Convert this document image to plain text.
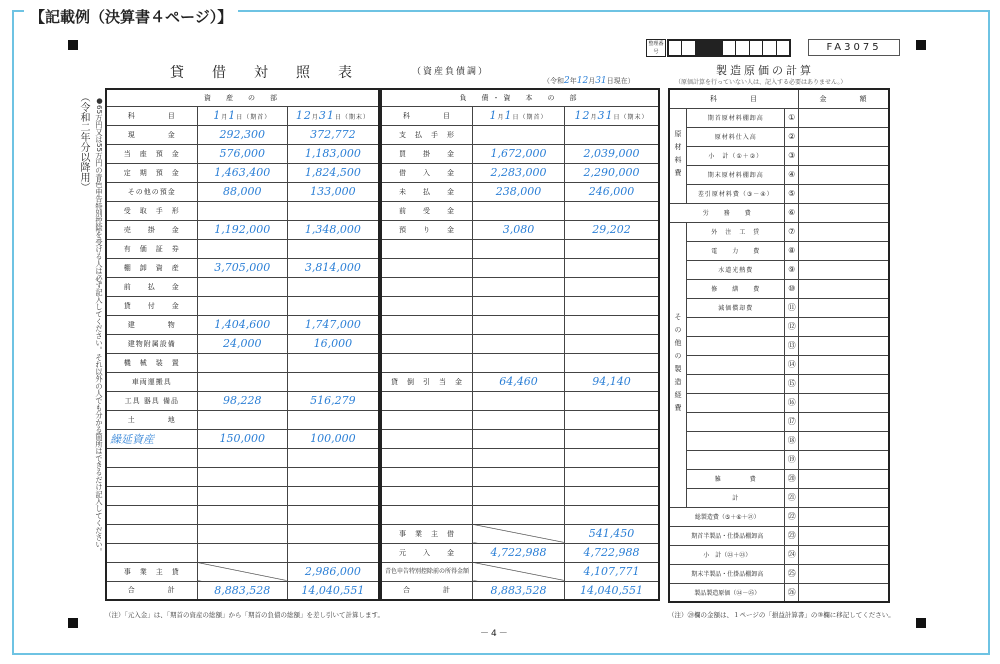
【記載例（決算書４ページ）】
整理番号	FA3075
貸借対照表	（資産負債調）
（令和2年12月31日現在）
製造原価の計算
（原価計算を行っていない人は、記入する必要はありません。）
（令和二年分以降用） ●65万円又は55万円の青色申告特別控除を受ける人は必ず記入してください。それ以外の人でも分かる箇所はできるだけ記入してください。	資　産　の　部		
科　　　　目	1月1日（期首）	12月31日（期末）
現　　　　金	292,300	372,772
当　座　預　金	576,000	1,183,000
定　期　預　金	1,463,400	1,824,500
その他の預金	88,000	133,000
受　取　手　形		
売　　掛　　金	1,192,000	1,348,000
有　価　証　券		
棚　卸　資　産	3,705,000	3,814,000
前　　払　　金		
貸　　付　　金		
建　　　　物	1,404,600	1,747,000
建物附属設備	24,000	16,000
機　械　装　置		
車両運搬具		
工具 器具 備品	98,228	516,279
土　　　　地		
繰延資産	150,000	100,000

事　業　主　貸		2,986,000
合　　　　計	8,883,528	14,040,551
負　債・資　本　の　部		
科　　　　目	1月1日（期首）	12月31日（期末）
支　払　手　形		
買　　掛　　金	1,672,000	2,039,000
借　　入　　金	2,283,000	2,290,000
未　　払　　金	238,000	246,000
前　　受　　金		
預　　り　　金	3,080	29,202

貸　倒　引　当　金	64,460	94,140

事　業　主　借		541,450
元　　入　　金	4,722,988	4,722,988
青色申告特別控除前の所得金額		4,107,771
合　　　　計	8,883,528	14,040,551
科　　　　目			金　　　　額
原材料費	期首原材料棚卸高	①	
	原材料仕入高	②	
	小　計（①＋②）	③	
	期末原材料棚卸高	④	
	差引原材料費（③－④）	⑤	
労　　務　　費		⑥	
その他の製造経費	外　注　工　賃	⑦	
	電　　力　　費	⑧	
	水道光熱費	⑨	
	修　　繕　　費	⑩	
	減価償却費	⑪	
		⑫	
		⑬	
		⑭	
		⑮	
		⑯	
		⑰	
		⑱	
		⑲	
	雑　　　　費	⑳	
	計	㉑	
総製造費（⑤＋⑥＋㉑）		㉒	
期首半製品・仕掛品棚卸高		㉓	
小　計（㉒＋㉓）		㉔	
期末半製品・仕掛品棚卸高		㉕	
製品製造原価（㉔－㉕）		㉖	
（注）「元入金」は、「期首の資産の総額」から「期首の負債の総額」を差し引いて計算します。	（注）⑳欄の金額は、１ページの「損益計算書」の③欄に移記してください。
－4－
